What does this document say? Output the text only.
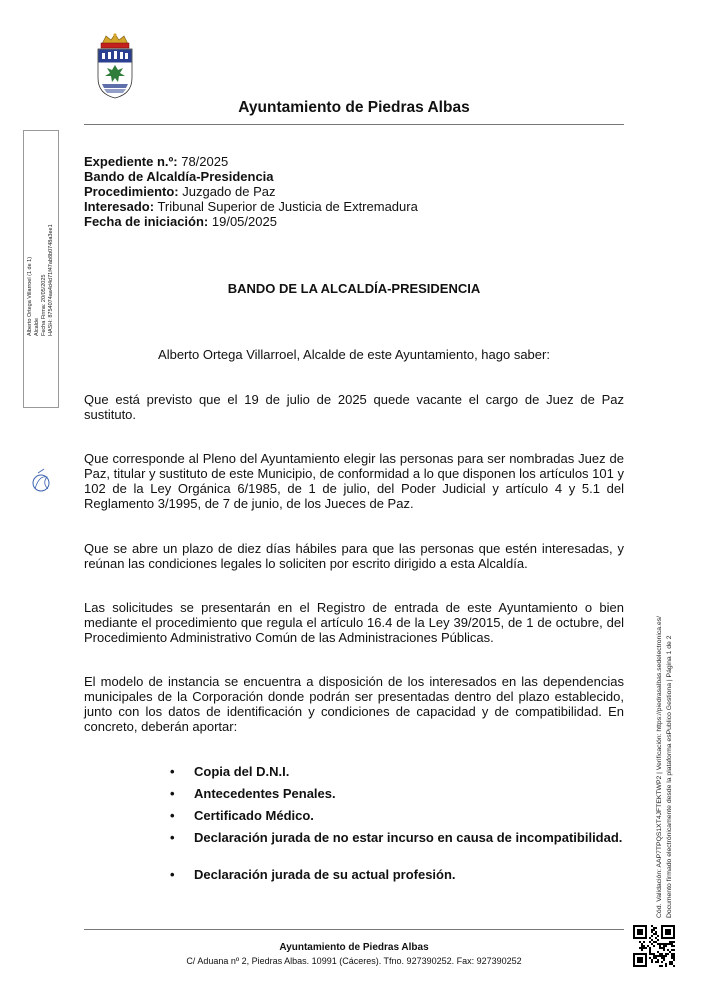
Ayuntamiento de Piedras Albas
Expediente n.º: 78/2025
Bando de Alcaldía-Presidencia
Procedimiento: Juzgado de Paz
Interesado: Tribunal Superior de Justicia de Extremadura
Fecha de iniciación: 19/05/2025
BANDO DE LA ALCALDÍA-PRESIDENCIA
Alberto Ortega Villarroel, Alcalde de este Ayuntamiento, hago saber:
Que está previsto que el 19 de julio de 2025 quede vacante el cargo de Juez de Paz sustituto.
Que corresponde al Pleno del Ayuntamiento elegir las personas para ser nombradas Juez de Paz, titular y sustituto de este Municipio, de conformidad a lo que disponen los artículos 101 y 102 de la Ley Orgánica 6/1985, de 1 de julio, del Poder Judicial y artículo 4 y 5.1 del Reglamento 3/1995, de 7 de junio, de los Jueces de Paz.
Que se abre un plazo de diez días hábiles para que las personas que estén interesadas, y reúnan las condiciones legales lo soliciten por escrito dirigido a esta Alcaldía.
Las solicitudes se presentarán en el Registro de entrada de este Ayuntamiento o bien mediante el procedimiento que regula el artículo 16.4 de la Ley 39/2015, de 1 de octubre, del Procedimiento Administrativo Común de las Administraciones Públicas.
El modelo de instancia se encuentra a disposición de los interesados en las dependencias municipales de la Corporación donde podrán ser presentadas dentro del plazo establecido, junto con los datos de identificación y condiciones de capacidad y de compatibilidad. En concreto, deberán aportar:
• Copia del D.N.I.
• Antecedentes Penales.
• Certificado Médico.
• Declaración jurada de no estar incurso en causa de incompatibilidad.
• Declaración jurada de su actual profesión.
Ayuntamiento de Piedras Albas
C/ Aduana nº 2, Piedras Albas. 10991 (Cáceres). Tfno. 927390252. Fax: 927390252
Alberto Ortega Villarroel (1 de 1) Alcalde Fecha Firma: 20/05/2025 HASH: 8754074aa4d4d71f47ab8b0748a3ee1
Cód. Validación: AAP7TPQS1XT4JFTEKTWP2 | Verificación: https://piedrasalbas.sedelectronica.es/ Documento firmado electrónicamente desde la plataforma esPublico Gestiona | Página 1 de 2
